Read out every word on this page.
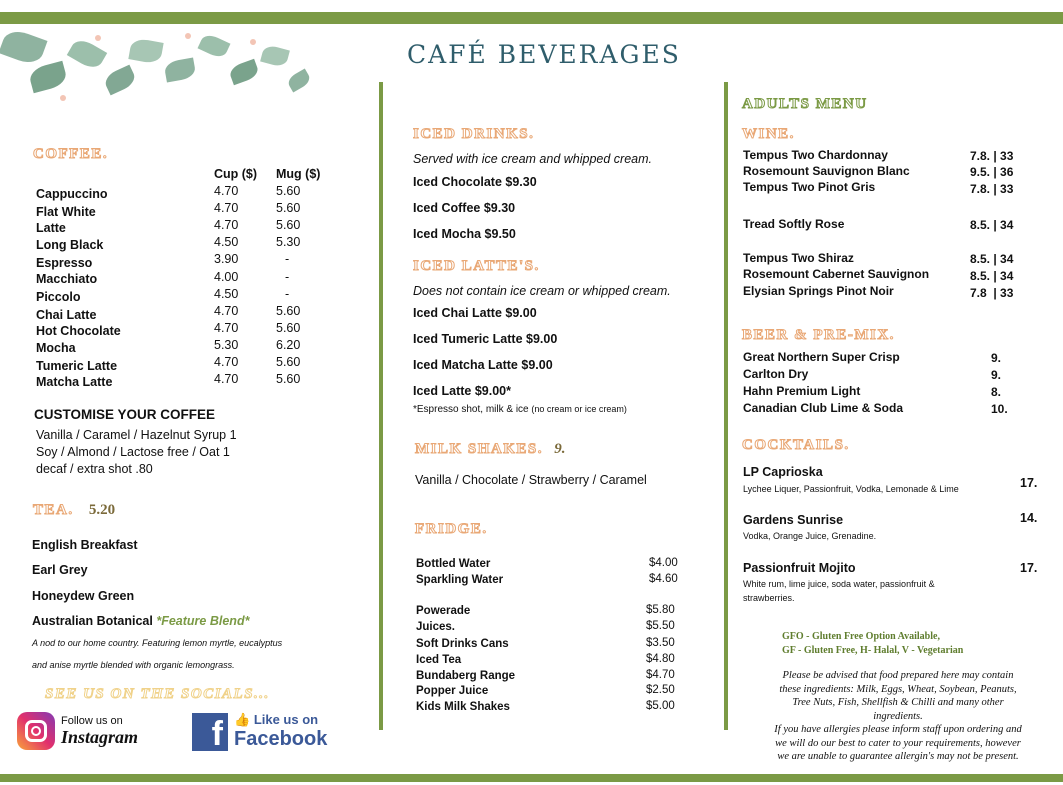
CAFÉ BEVERAGES
COFFEE.
Cup ($) Mug ($)
Cappuccino	4.70	5.60
Flat White	4.70	5.60
Latte	4.70	5.60
Long Black	4.50	5.30
Espresso	3.90	-
Macchiato	4.00	-
Piccolo	4.50	-
Chai Latte	4.70	5.60
Hot Chocolate	4.70	5.60
Mocha	5.30	6.20
Tumeric Latte	4.70	5.60
Matcha Latte	4.70	5.60
CUSTOMISE YOUR COFFEE
Vanilla / Caramel / Hazelnut Syrup 1
Soy / Almond / Lactose free / Oat 1
decaf / extra shot .80
TEA. 5.20
English Breakfast
Earl Grey
Honeydew Green
Australian Botanical *Feature Blend*
A nod to our home country. Featuring lemon myrtle, eucalyptus
and anise myrtle blended with organic lemongrass.
SEE US ON THE SOCIALS...
Follow us on
Instagram	f 👍 Like us on
Facebook
ICED DRINKS.
Served with ice cream and whipped cream.
Iced Chocolate $9.30
Iced Coffee $9.30
Iced Mocha $9.50
ICED LATTE'S.
Does not contain ice cream or whipped cream.
Iced Chai Latte $9.00
Iced Tumeric Latte $9.00
Iced Matcha Latte $9.00
Iced Latte $9.00*
*Espresso shot, milk & ice (no cream or ice cream)
MILK SHAKES. 9.
Vanilla / Chocolate / Strawberry / Caramel
FRIDGE.
Bottled Water	$4.00
Sparkling Water	$4.60
Powerade	$5.80
Juices.	$5.50
Soft Drinks Cans	$3.50
Iced Tea	$4.80
Bundaberg Range	$4.70
Popper Juice	$2.50
Kids Milk Shakes	$5.00
ADULTS MENU
WINE.
Tempus Two Chardonnay	7.8. | 33
Rosemount Sauvignon Blanc	9.5. | 36
Tempus Two Pinot Gris	7.8. | 33
Tread Softly Rose	8.5. | 34
Tempus Two Shiraz	8.5. | 34
Rosemount Cabernet Sauvignon	8.5. | 34
Elysian Springs Pinot Noir	7.8  | 33
BEER & PRE-MIX.
Great Northern Super Crisp	9.
Carlton Dry	9.
Hahn Premium Light	8.
Canadian Club Lime & Soda	10.
COCKTAILS.
LP Caprioska
Lychee Liquer, Passionfruit, Vodka, Lemonade & Lime	17.
Gardens Sunrise
Vodka, Orange Juice, Grenadine.
14.
Passionfruit Mojito
White rum, lime juice, soda water, passionfruit &
strawberries.
17.
GFO - Gluten Free Option Available,
GF - Gluten Free, H- Halal, V - Vegetarian
Please be advised that food prepared here may contain
these ingredients: Milk, Eggs, Wheat, Soybean, Peanuts,
Tree Nuts, Fish, Shellfish & Chilli and many other
ingredients.
If you have allergies please inform staff upon ordering and
we will do our best to cater to your requirements, however
we are unable to guarantee allergin's may not be present.
